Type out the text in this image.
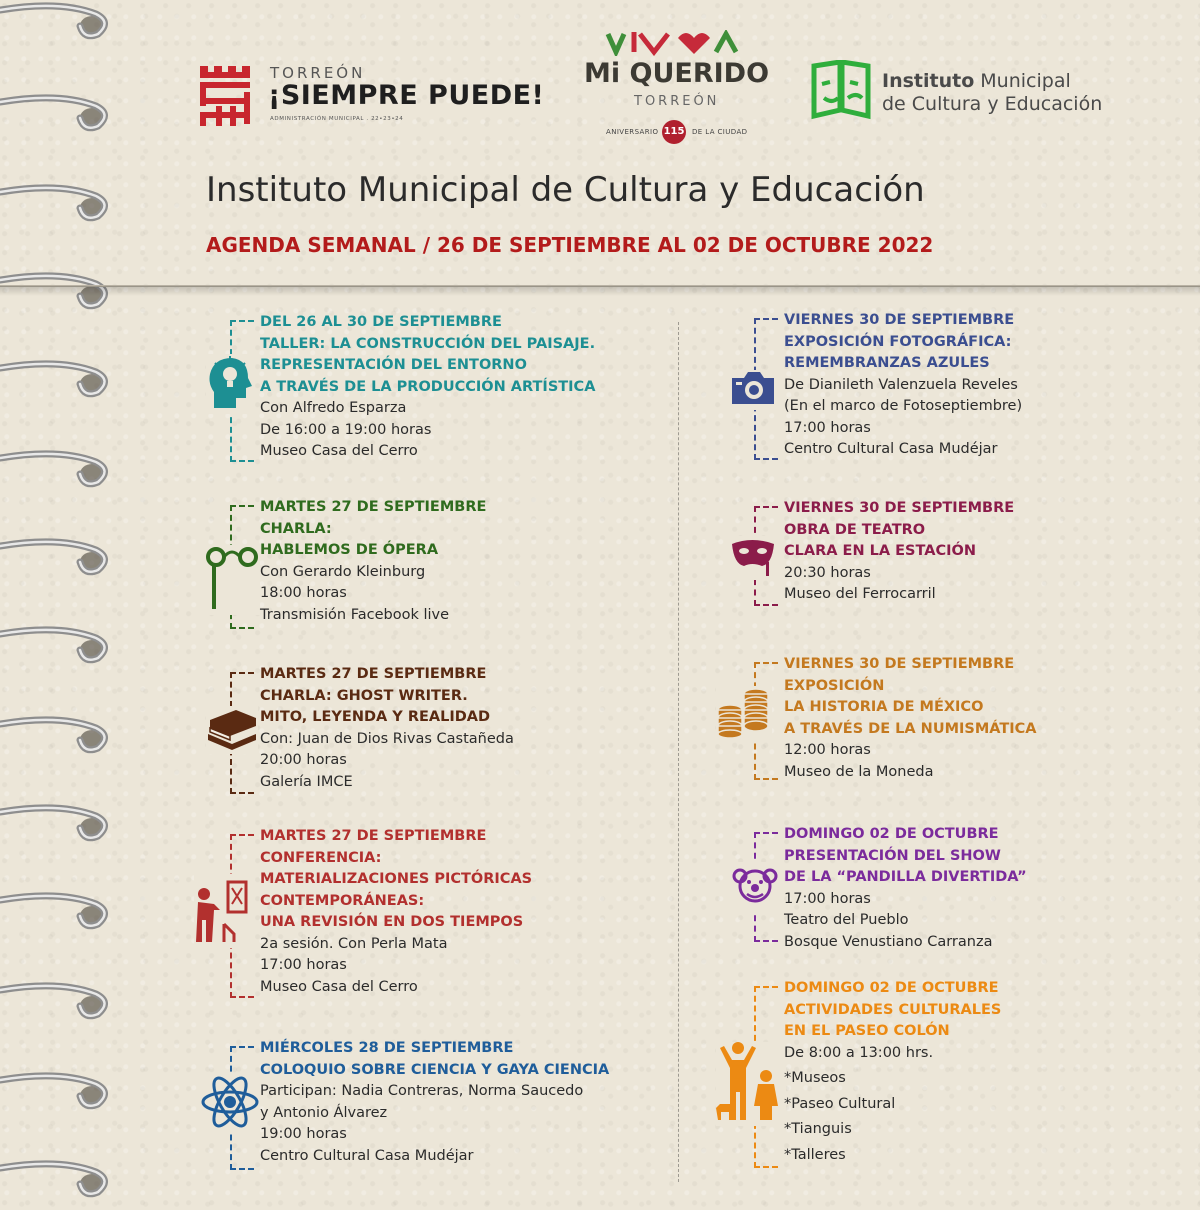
TORREÓN
¡SIEMPRE PUEDE!
ADMINISTRACIÓN MUNICIPAL . 22•23•24
Mi QUERIDO
TORREÓN
ANIVERSARIO 115 DE LA CIUDAD
Instituto Municipal
de Cultura y Educación
Instituto Municipal de Cultura y Educación
AGENDA SEMANAL / 26 DE SEPTIEMBRE AL 02 DE OCTUBRE 2022
DEL 26 AL 30 DE SEPTIEMBRE
TALLER: LA CONSTRUCCIÓN DEL PAISAJE.
REPRESENTACIÓN DEL ENTORNO
A TRAVÉS DE LA PRODUCCIÓN ARTÍSTICA
Con Alfredo Esparza
De 16:00 a 19:00 horas
Museo Casa del Cerro
MARTES 27 DE SEPTIEMBRE
CHARLA:
HABLEMOS DE ÓPERA
Con Gerardo Kleinburg
18:00 horas
Transmisión Facebook live
MARTES 27 DE SEPTIEMBRE
CHARLA: GHOST WRITER.
MITO, LEYENDA Y REALIDAD
Con: Juan de Dios Rivas Castañeda
20:00 horas
Galería IMCE
MARTES 27 DE SEPTIEMBRE
CONFERENCIA:
MATERIALIZACIONES PICTÓRICAS
CONTEMPORÁNEAS:
UNA REVISIÓN EN DOS TIEMPOS
2a sesión. Con Perla Mata
17:00 horas
Museo Casa del Cerro
MIÉRCOLES 28 DE SEPTIEMBRE
COLOQUIO SOBRE CIENCIA Y GAYA CIENCIA
Participan: Nadia Contreras, Norma Saucedo
y Antonio Álvarez
19:00 horas
Centro Cultural Casa Mudéjar
VIERNES 30 DE SEPTIEMBRE
EXPOSICIÓN FOTOGRÁFICA:
REMEMBRANZAS AZULES
De Dianileth Valenzuela Reveles
(En el marco de Fotoseptiembre)
17:00 horas
Centro Cultural Casa Mudéjar
VIERNES 30 DE SEPTIEMBRE
OBRA DE TEATRO
CLARA EN LA ESTACIÓN
20:30 horas
Museo del Ferrocarril
VIERNES 30 DE SEPTIEMBRE
EXPOSICIÓN
LA HISTORIA DE MÉXICO
A TRAVÉS DE LA NUMISMÁTICA
12:00 horas
Museo de la Moneda
DOMINGO 02 DE OCTUBRE
PRESENTACIÓN DEL SHOW
DE LA “PANDILLA DIVERTIDA”
17:00 horas
Teatro del Pueblo
Bosque Venustiano Carranza
DOMINGO 02 DE OCTUBRE
ACTIVIDADES CULTURALES
EN EL PASEO COLÓN
De 8:00 a 13:00 hrs.
*Museos
*Paseo Cultural
*Tianguis
*Talleres
